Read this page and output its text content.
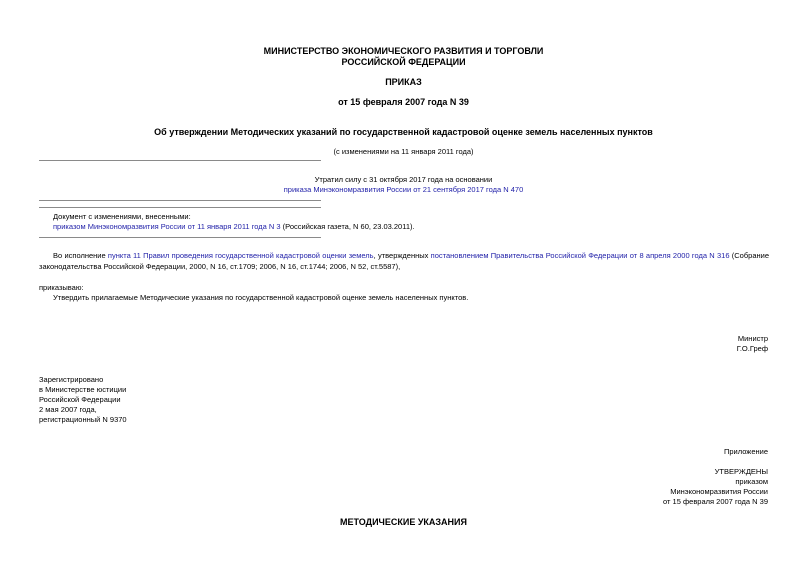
МИНИСТЕРСТВО ЭКОНОМИЧЕСКОГО РАЗВИТИЯ И ТОРГОВЛИ
РОССИЙСКОЙ ФЕДЕРАЦИИ
ПРИКАЗ
от 15 февраля 2007 года N 39
Об утверждении Методических указаний по государственной кадастровой оценке земель населенных пунктов
(с изменениями на 11 января 2011 года)
Утратил силу с 31 октября 2017 года на основании
приказа Минэкономразвития России от 21 сентября 2017 года N 470
Документ с изменениями, внесенными:
приказом Минэкономразвития России от 11 января 2011 года N 3 (Российская газета, N 60, 23.03.2011).
Во исполнение пункта 11 Правил проведения государственной кадастровой оценки земель, утвержденных постановлением Правительства Российской Федерации от 8 апреля 2000 года N 316 (Собрание законодательства Российской Федерации, 2000, N 16, ст.1709; 2006, N 16, ст.1744; 2006, N 52, ст.5587),
приказываю:
Утвердить прилагаемые Методические указания по государственной кадастровой оценке земель населенных пунктов.
Министр
Г.О.Греф
Зарегистрировано
в Министерстве юстиции
Российской Федерации
2 мая 2007 года,
регистрационный N 9370
Приложение
УТВЕРЖДЕНЫ
приказом
Минэкономразвития России
от 15 февраля 2007 года N 39
МЕТОДИЧЕСКИЕ УКАЗАНИЯ
